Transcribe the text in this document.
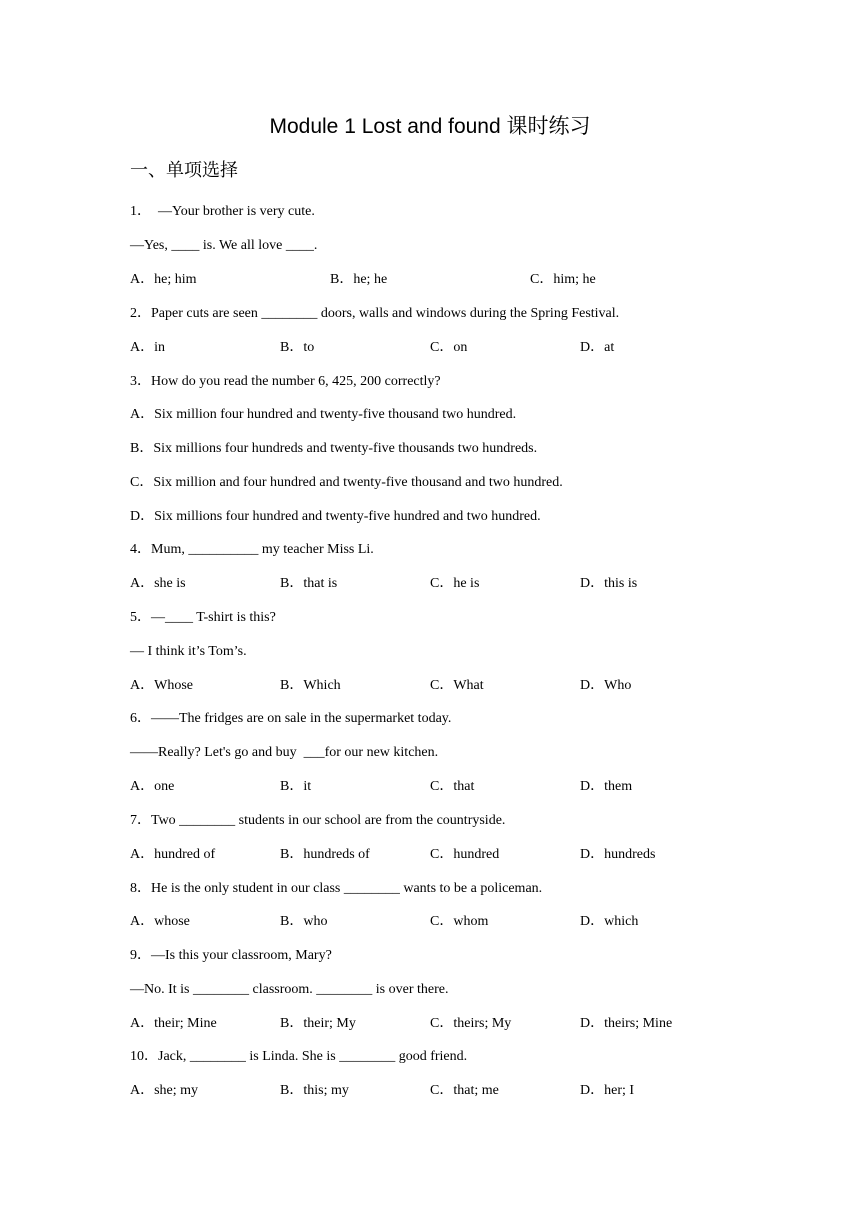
Module 1 Lost and found 课时练习
一、单项选择
1．  —Your brother is very cute.
—Yes, ____ is. We all love ____.
A．he; him	B．he; he	C．him; he
2．Paper cuts are seen ________ doors, walls and windows during the Spring Festival.
A．in	B．to	C．on	D．at
3．How do you read the number 6, 425, 200 correctly?
A．Six million four hundred and twenty-five thousand two hundred.
B．Six millions four hundreds and twenty-five thousands two hundreds.
C．Six million and four hundred and twenty-five thousand and two hundred.
D．Six millions four hundred and twenty-five hundred and two hundred.
4．Mum, __________ my teacher Miss Li.
A．she is	B．that is	C．he is	D．this is
5．—____ T-shirt is this?
— I think it’s Tom’s.
A．Whose	B．Which	C．What	D．Who
6．——The fridges are on sale in the supermarket today.
——Really? Let's go and buy  ___for our new kitchen.
A．one	B．it	C．that	D．them
7．Two ________ students in our school are from the countryside.
A．hundred of	B．hundreds of	C．hundred	D．hundreds
8．He is the only student in our class ________ wants to be a policeman.
A．whose	B．who	C．whom	D．which
9．—Is this your classroom, Mary?
—No. It is ________ classroom. ________ is over there.
A．their; Mine	B．their; My	C．theirs; My	D．theirs; Mine
10．Jack, ________ is Linda. She is ________ good friend.
A．she; my	B．this; my	C．that; me	D．her; I
